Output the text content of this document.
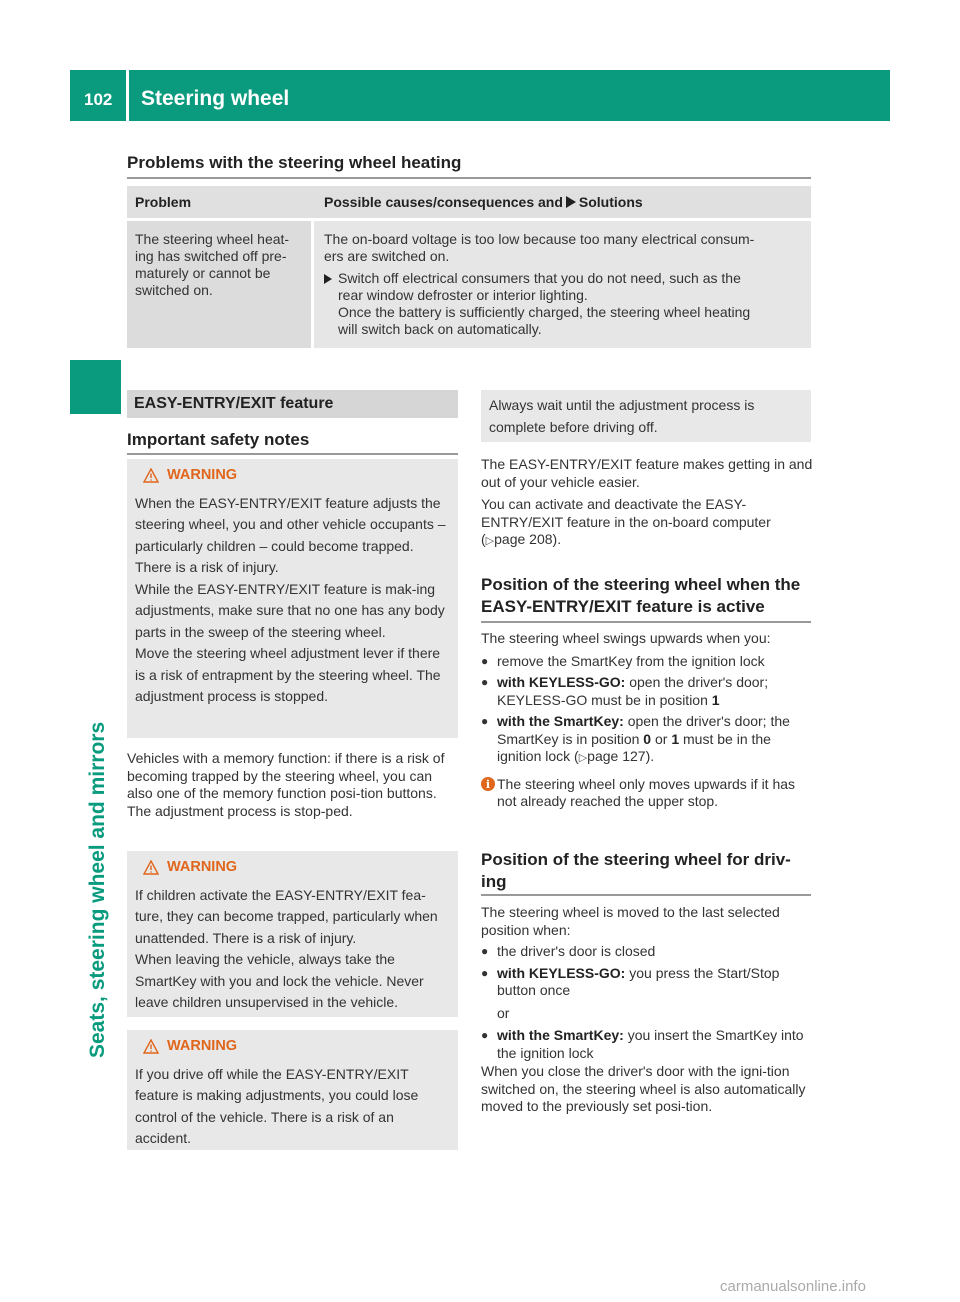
102 Steering wheel
Seats, steering wheel and mirrors
Problems with the steering wheel heating
Problem	Possible causes/consequences and Solutions
The steering wheel heat-
ing has switched off pre-
maturely or cannot be
switched on.
The on-board voltage is too low because too many electrical consum-
ers are switched on.
Switch off electrical consumers that you do not need, such as the
rear window defroster or interior lighting.
Once the battery is sufficiently charged, the steering wheel heating
will switch back on automatically.
EASY-ENTRY/EXIT feature
Important safety notes
WARNING

When the EASY-ENTRY/EXIT feature adjusts the steering wheel, you and other vehicle occupants – particularly children – could become trapped. There is a risk of injury.

While the EASY-ENTRY/EXIT feature is mak-ing adjustments, make sure that no one has any body parts in the sweep of the steering wheel.

Move the steering wheel adjustment lever if there is a risk of entrapment by the steering wheel. The adjustment process is stopped.

Vehicles with a memory function: if there is a risk of becoming trapped by the steering wheel, you can also one of the memory function posi-tion buttons. The adjustment process is stop-ped.
WARNING

If children activate the EASY-ENTRY/EXIT fea-ture, they can become trapped, particularly when unattended. There is a risk of injury.

When leaving the vehicle, always take the SmartKey with you and lock the vehicle. Never leave children unsupervised in the vehicle.

WARNING

If you drive off while the EASY-ENTRY/EXIT feature is making adjustments, you could lose control of the vehicle. There is a risk of an accident.

Always wait until the adjustment process is complete before driving off.

The EASY-ENTRY/EXIT feature makes getting in and out of your vehicle easier.
You can activate and deactivate the EASY-ENTRY/EXIT feature in the on-board computer (▷page 208).
Position of the steering wheel when the
EASY-ENTRY/EXIT feature is active
The steering wheel swings upwards when you:
● remove the SmartKey from the ignition lock
● with KEYLESS-GO: open the driver's door; KEYLESS-GO must be in position 1
● with the SmartKey: open the driver's door; the SmartKey is in position 0 or 1 must be in the ignition lock (▷page 127).
i The steering wheel only moves upwards if it has not already reached the upper stop.
Position of the steering wheel for driv-
ing
The steering wheel is moved to the last selected position when:
● the driver's door is closed
● with KEYLESS-GO: you press the Start/Stop button once
or
● with the SmartKey: you insert the SmartKey into the ignition lock
When you close the driver's door with the igni-tion switched on, the steering wheel is also automatically moved to the previously set posi-tion.
carmanualsonline.info
